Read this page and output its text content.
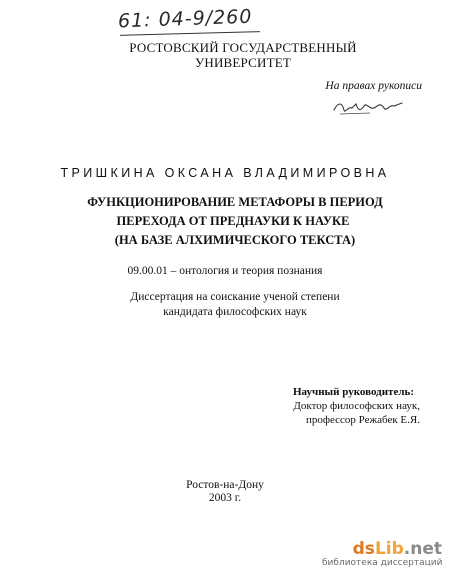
61: 04-9/260
РОСТОВСКИЙ ГОСУДАРСТВЕННЫЙ
УНИВЕРСИТЕТ
На правах рукописи
ТРИШКИНА ОКСАНА ВЛАДИМИРОВНА
ФУНКЦИОНИРОВАНИЕ МЕТАФОРЫ В ПЕРИОД
ПЕРЕХОДА ОТ ПРЕДНАУКИ К НАУКЕ
(НА БАЗЕ АЛХИМИЧЕСКОГО ТЕКСТА)
09.00.01 – онтология и теория познания
Диссертация на соискание ученой степени
кандидата философских наук
Научный руководитель:
Доктор философских наук,
профессор Режабек Е.Я.
Ростов-на-Дону
2003 г.
dsLib.net
библиотека диссертаций
